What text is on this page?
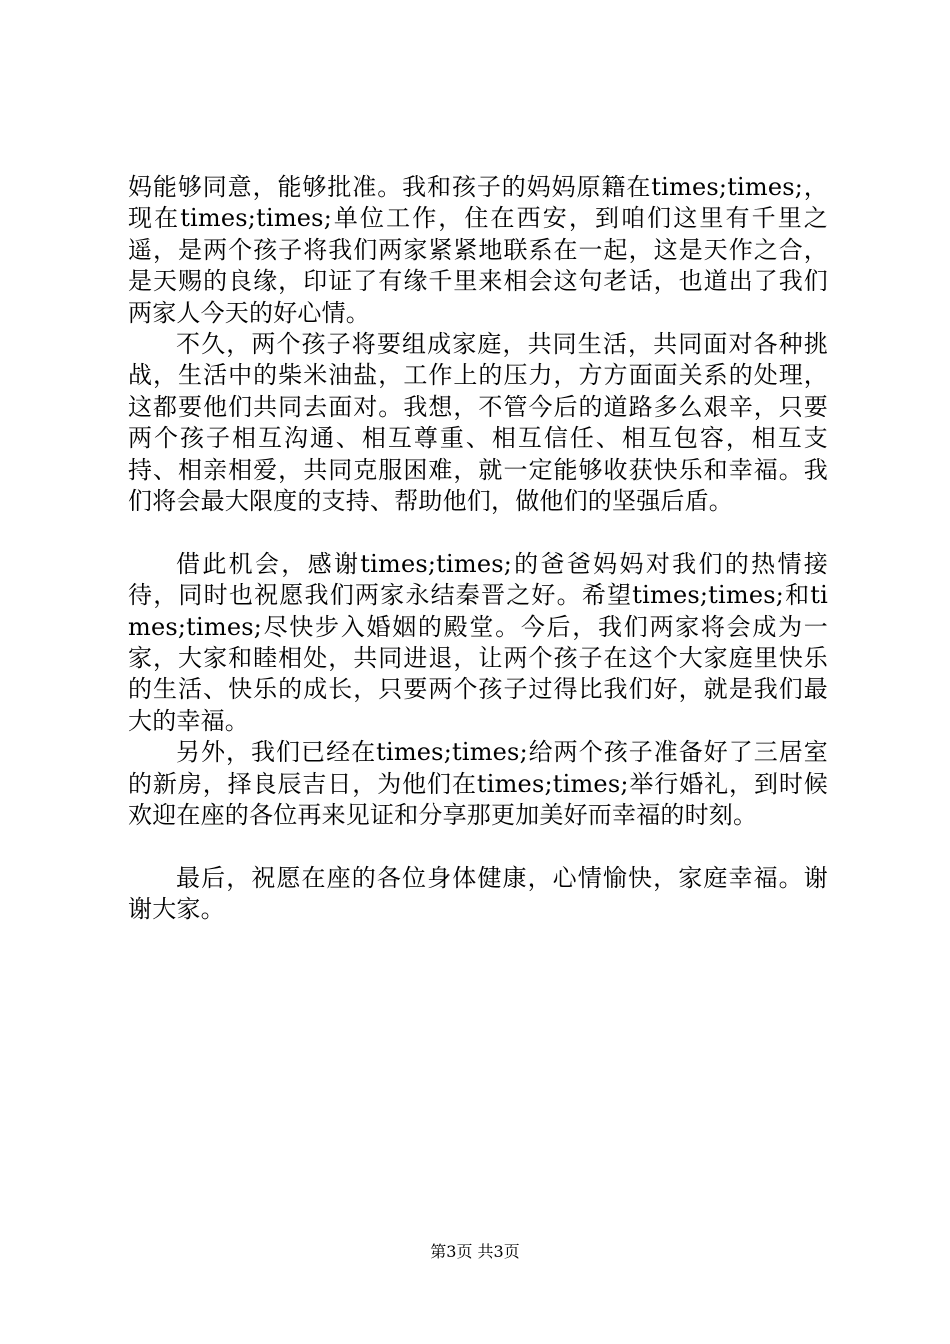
妈能够同意，能够批准。我和孩子的妈妈原籍在times;times;，现在times;times;单位工作，住在西安，到咱们这里有千里之遥，是两个孩子将我们两家紧紧地联系在一起，这是天作之合，是天赐的良缘，印证了有缘千里来相会这句老话，也道出了我们两家人今天的好心情。

不久，两个孩子将要组成家庭，共同生活，共同面对各种挑战，生活中的柴米油盐，工作上的压力，方方面面关系的处理，这都要他们共同去面对。我想，不管今后的道路多么艰辛，只要两个孩子相互沟通、相互尊重、相互信任、相互包容，相互支持、相亲相爱，共同克服困难，就一定能够收获快乐和幸福。我们将会最大限度的支持、帮助他们，做他们的坚强后盾。

借此机会，感谢times;times;的爸爸妈妈对我们的热情接待，同时也祝愿我们两家永结秦晋之好。希望times;times;和times;times;尽快步入婚姻的殿堂。今后，我们两家将会成为一家，大家和睦相处，共同进退，让两个孩子在这个大家庭里快乐的生活、快乐的成长，只要两个孩子过得比我们好，就是我们最大的幸福。

另外，我们已经在times;times;给两个孩子准备好了三居室的新房，择良辰吉日，为他们在times;times;举行婚礼，到时候欢迎在座的各位再来见证和分享那更加美好而幸福的时刻。

最后，祝愿在座的各位身体健康，心情愉快，家庭幸福。谢谢大家。

第3页 共3页
